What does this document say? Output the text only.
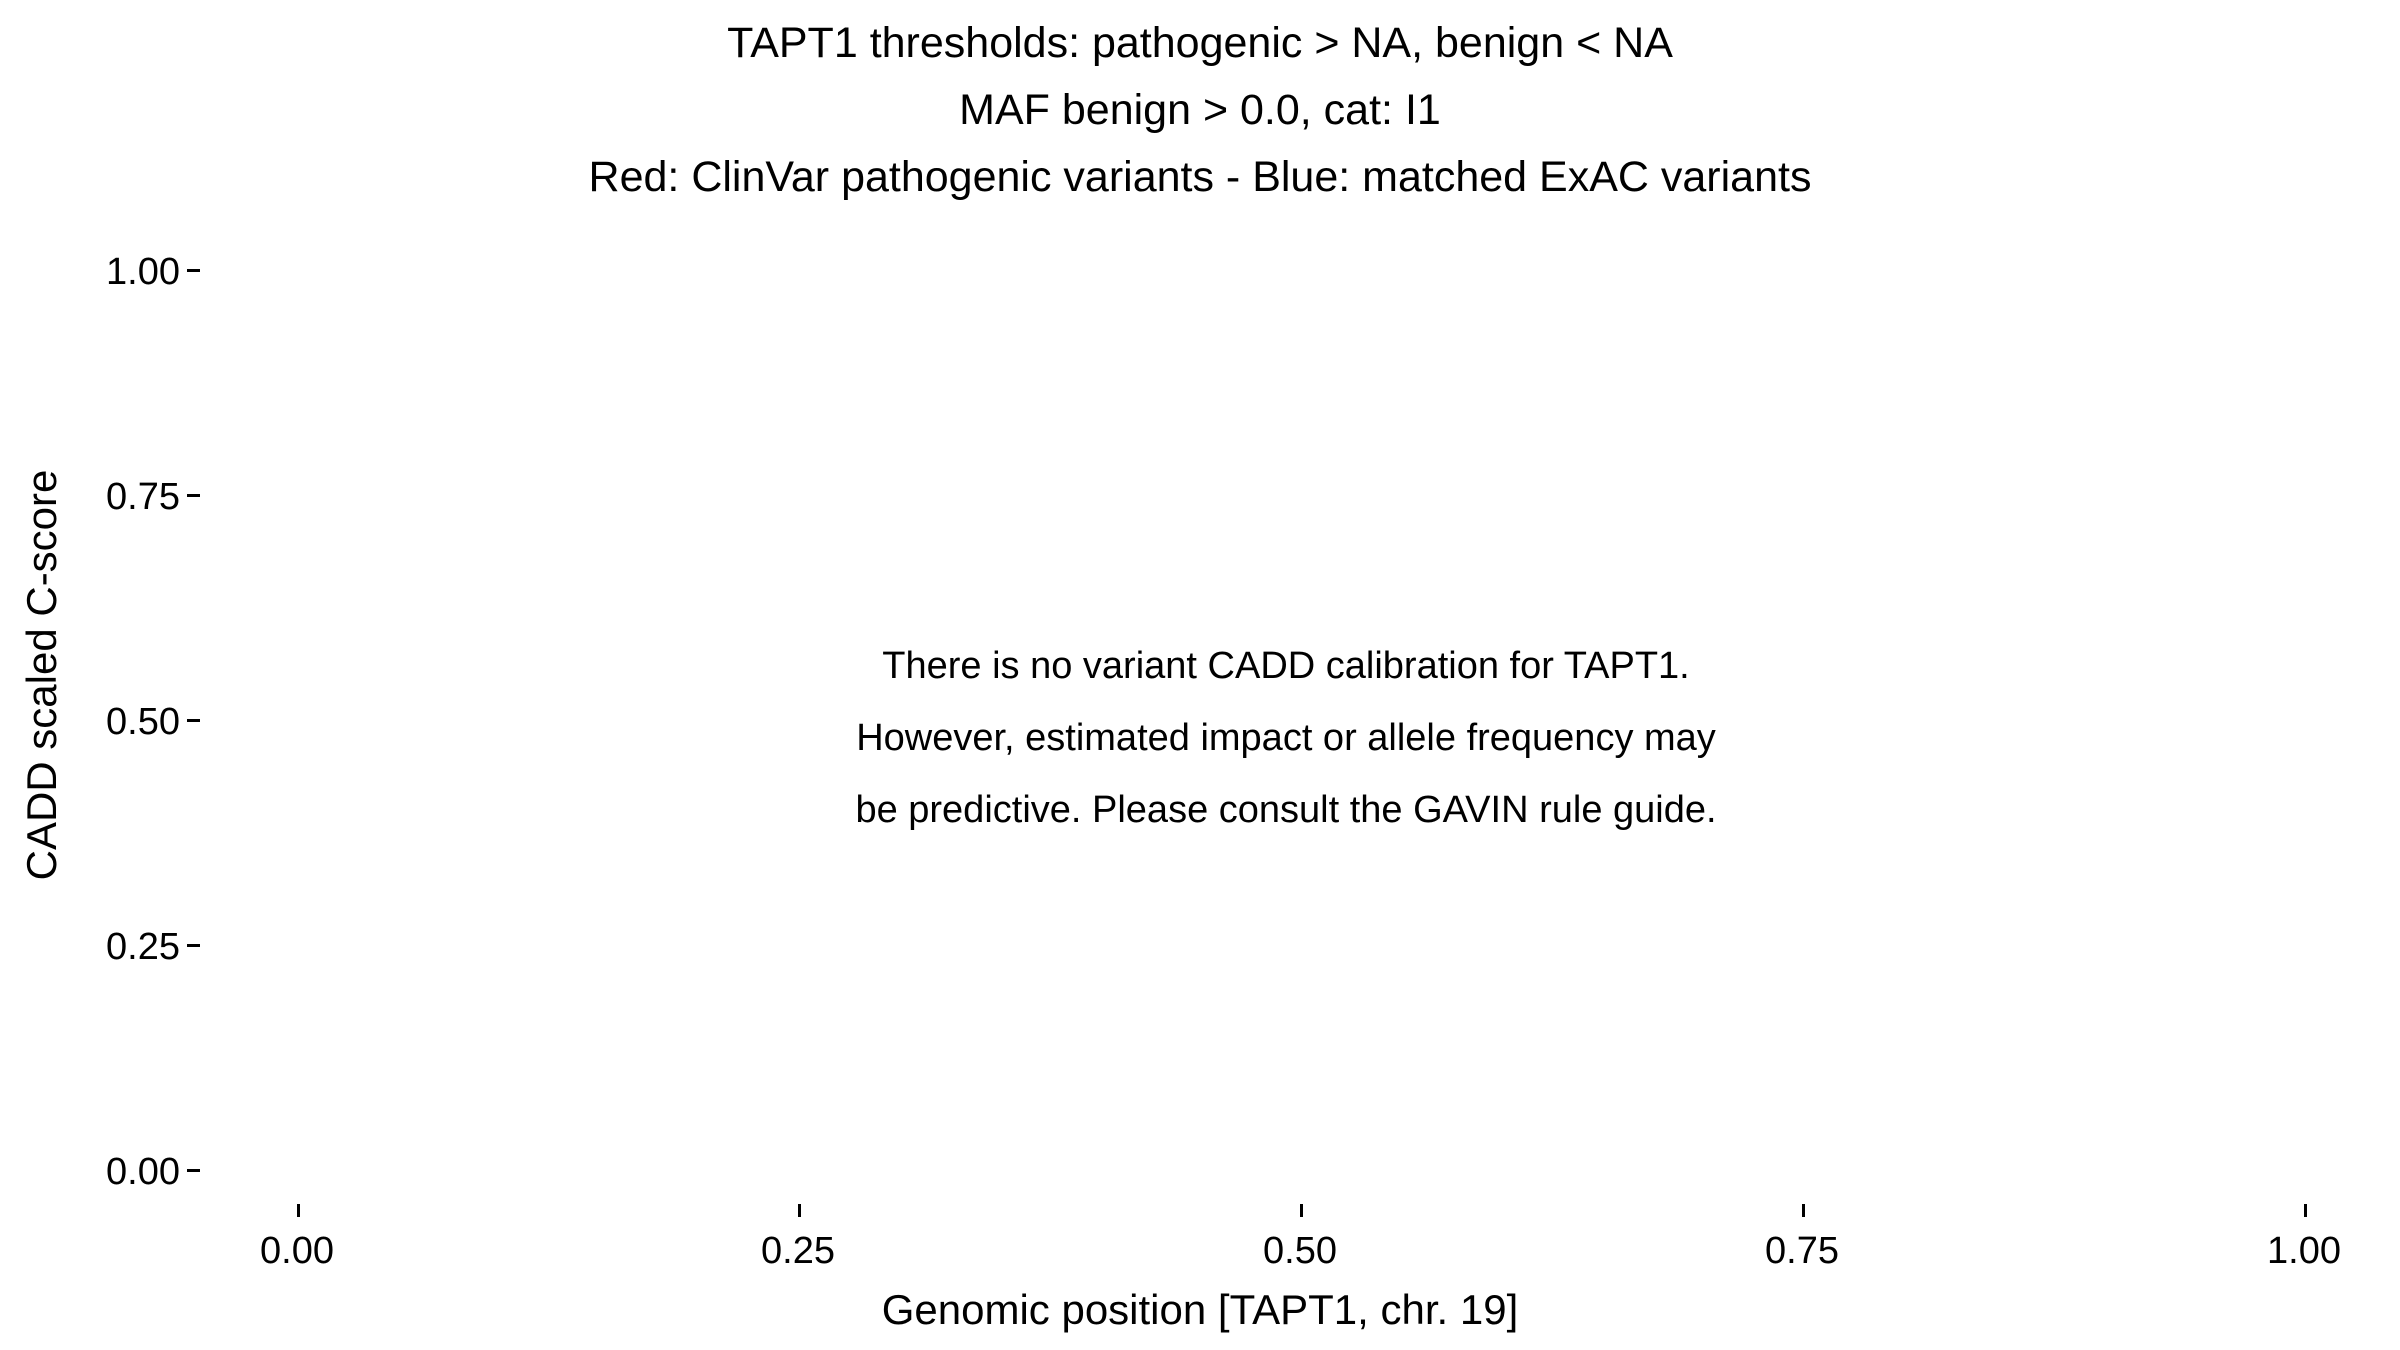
TAPT1 thresholds: pathogenic > NA, benign < NA
MAF benign > 0.0, cat: I1
Red: ClinVar pathogenic variants - Blue: matched ExAC variants
CADD scaled C-score
1.00
0.75
0.50
0.25
0.00
There is no variant CADD calibration for TAPT1.
However, estimated impact or allele frequency may
be predictive. Please consult the GAVIN rule guide.
0.00	0.25	0.50	0.75	1.00
Genomic position [TAPT1, chr. 19]
